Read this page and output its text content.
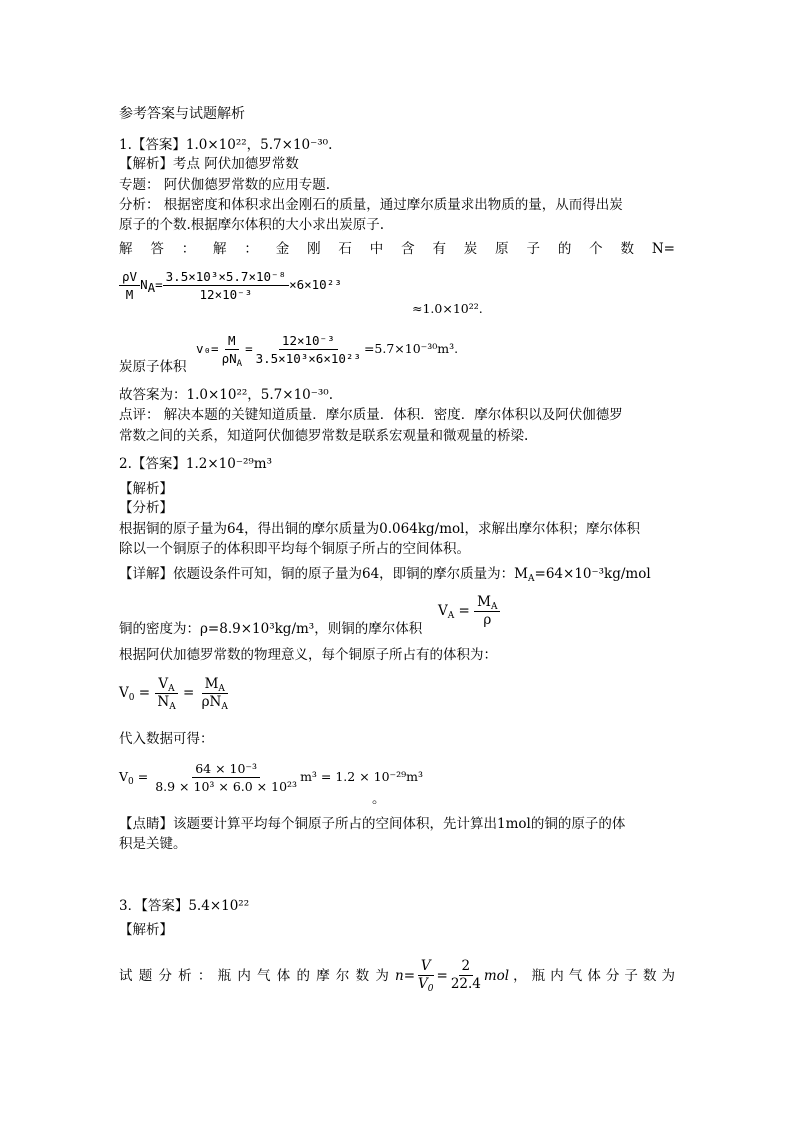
参考答案与试题解析
1.【答案】1.0×10²²，5.7×10⁻³⁰.
【解析】考点 阿伏加德罗常数
专题： 阿伏伽德罗常数的应用专题.
分析： 根据密度和体积求出金刚石的质量，通过摩尔质量求出物质的量，从而得出炭
原子的个数.根据摩尔体积的大小求出炭原子.
解 答 ： 解 ： 金 刚 石 中 含 有 炭 原 子 的 个 数 N=
$\frac{\rho V}{M} NA= \frac{\text{3.5×10³×5.7×10⁻⁸}}{\text{12×10⁻³}} \times 6\times 10^{23}$
≈1.0×10²².
炭原子体积
$v_0= \frac{M}{\rho N_A} = \frac{\text{12×10⁻³}}{\text{3.5×10³×6×10²³}} =5.7\times 10^{-30}m^3$.
故答案为：1.0×10²²，5.7×10⁻³⁰.
点评： 解决本题的关键知道质量．摩尔质量．体积．密度．摩尔体积以及阿伏伽德罗
常数之间的关系，知道阿伏伽德罗常数是联系宏观量和微观量的桥梁.
2.【答案】1.2×10⁻²⁹m³
【解析】
【分析】
根据铜的原子量为64，得出铜的摩尔质量为0.064kg/mol，求解出摩尔体积；摩尔体积
除以一个铜原子的体积即平均每个铜原子所占的空间体积。
【详解】依题设条件可知，铜的原子量为64，即铜的摩尔质量为：$M_A=64\times 10^{-3}kg$/mol
铜的密度为：ρ=8.9×10³kg/m³，则铜的摩尔体积
$V_A = \frac{M_A}{\rho}$
根据阿伏加德罗常数的物理意义，每个铜原子所占有的体积为：
$V_0 = \frac{V_A}{N_A} = \frac{M_A}{\rho N_A}$
代入数据可得：
$V_0 = \frac{\text{64 × 10⁻³}}{\text{8.9 × 10³ × 6.0 × 10²³}} m^3 = 1.2 \times 10^{-29}m^3$
。
【点睛】该题要计算平均每个铜原子所占的空间体积，先计算出1mol的铜的原子的体
积是关键。
3．【答案】5.4×10²²
【解析】
试 题 分 析 ： 瓶 内 气 体 的 摩 尔 数 为 $n= \frac{V}{V_0} = \frac{2}{22.4}$ mol ， 瓶 内 气 体 分 子 数 为
